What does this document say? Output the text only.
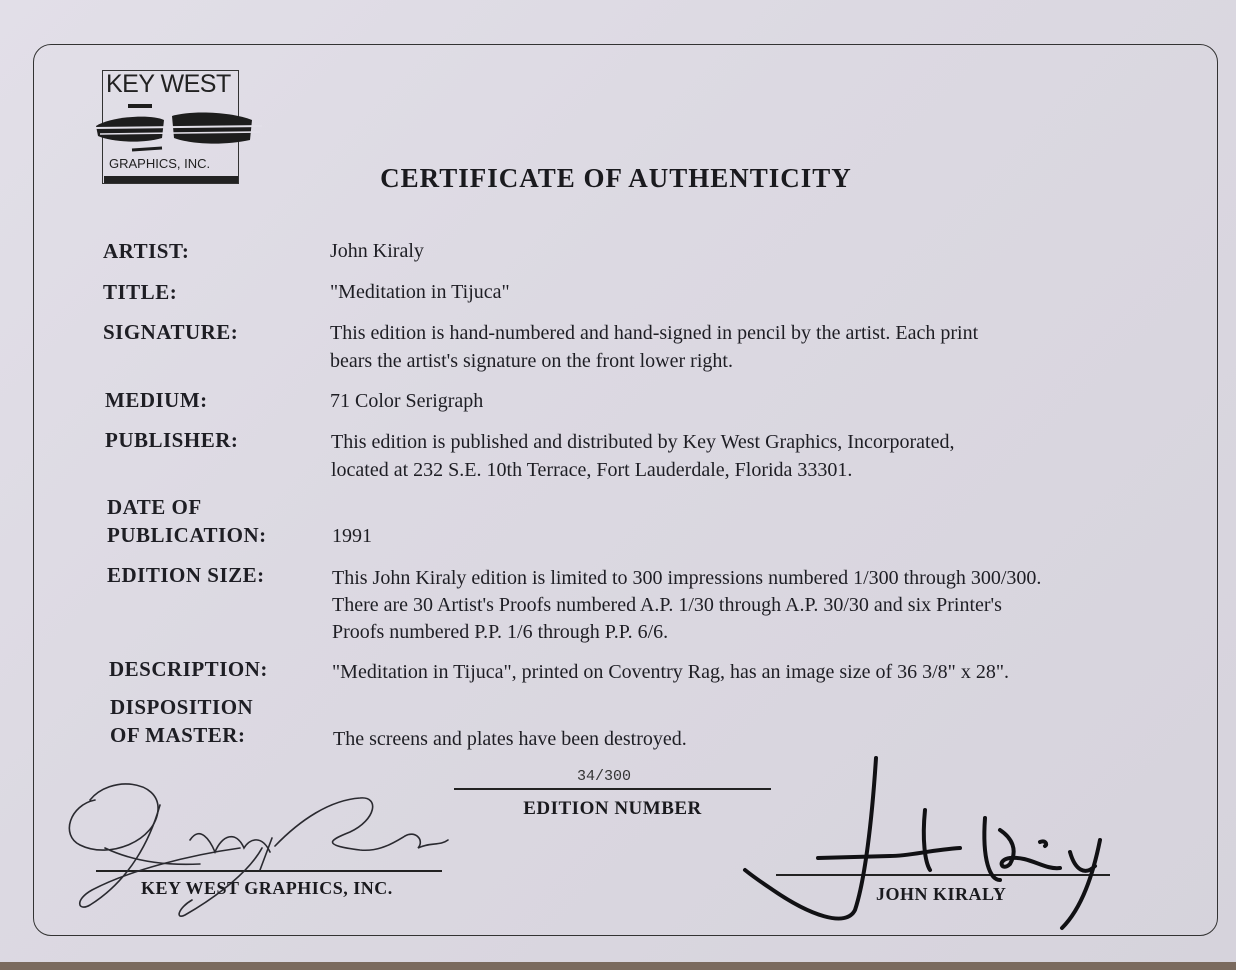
KEY WEST
GRAPHICS, INC.	CERTIFICATE OF AUTHENTICITY
ARTIST:	John Kiraly
TITLE:	"Meditation in Tijuca"
SIGNATURE:	This edition is hand-numbered and hand-signed in pencil by the artist. Each print
bears the artist's signature on the front lower right.
MEDIUM:	71 Color Serigraph
PUBLISHER:	This edition is published and distributed by Key West Graphics, Incorporated,
located at 232 S.E. 10th Terrace, Fort Lauderdale, Florida 33301.
DATE OF
PUBLICATION:	1991
EDITION SIZE:	This John Kiraly edition is limited to 300 impressions numbered 1/300 through 300/300.
There are 30 Artist's Proofs numbered A.P. 1/30 through A.P. 30/30 and six Printer's
Proofs numbered P.P. 1/6 through P.P. 6/6.
DESCRIPTION:	"Meditation in Tijuca", printed on Coventry Rag, has an image size of 36 3/8" x 28".
DISPOSITION
OF MASTER:	The screens and plates have been destroyed.
34/300
EDITION NUMBER
KEY WEST GRAPHICS, INC.	JOHN KIRALY
